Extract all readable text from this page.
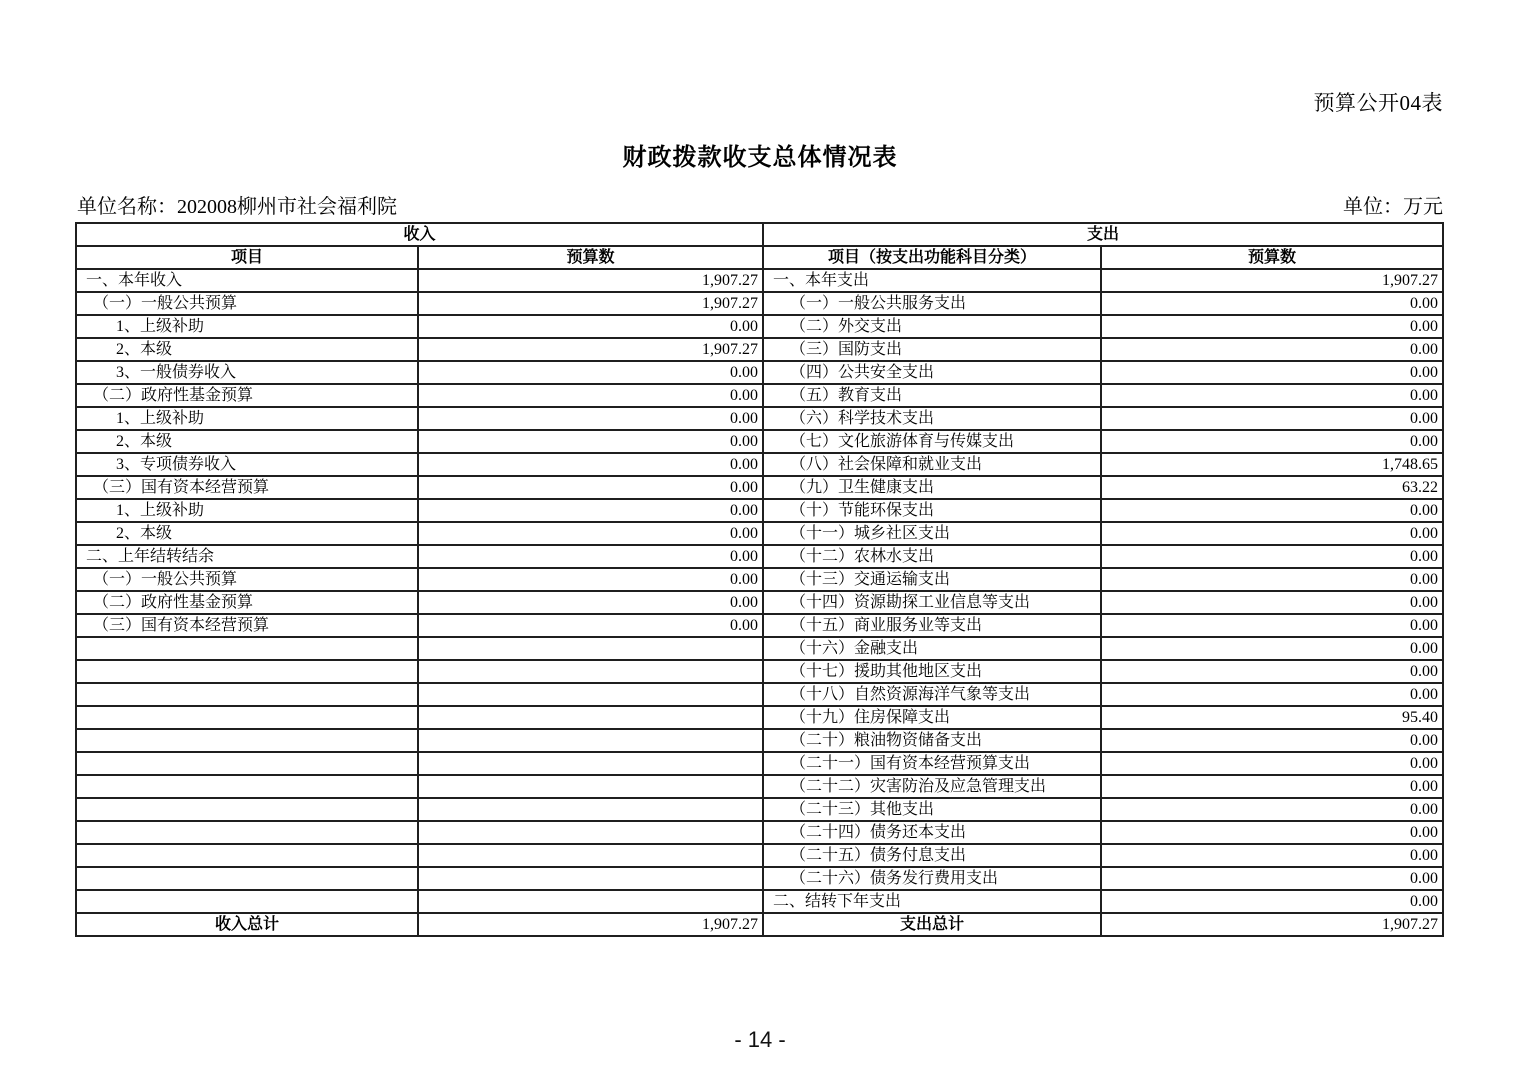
预算公开04表
财政拨款收支总体情况表
单位名称：202008柳州市社会福利院	单位：万元
收入		支出	
项目	预算数	项目（按支出功能科目分类）	预算数
一、本年收入	1,907.27	一、本年支出	1,907.27
（一）一般公共预算	1,907.27	（一）一般公共服务支出	0.00
1、上级补助	0.00	（二）外交支出	0.00
2、本级	1,907.27	（三）国防支出	0.00
3、一般债券收入	0.00	（四）公共安全支出	0.00
（二）政府性基金预算	0.00	（五）教育支出	0.00
1、上级补助	0.00	（六）科学技术支出	0.00
2、本级	0.00	（七）文化旅游体育与传媒支出	0.00
3、专项债券收入	0.00	（八）社会保障和就业支出	1,748.65
（三）国有资本经营预算	0.00	（九）卫生健康支出	63.22
1、上级补助	0.00	（十）节能环保支出	0.00
2、本级	0.00	（十一）城乡社区支出	0.00
二、上年结转结余	0.00	（十二）农林水支出	0.00
（一）一般公共预算	0.00	（十三）交通运输支出	0.00
（二）政府性基金预算	0.00	（十四）资源勘探工业信息等支出	0.00
（三）国有资本经营预算	0.00	（十五）商业服务业等支出	0.00
		（十六）金融支出	0.00
		（十七）援助其他地区支出	0.00
		（十八）自然资源海洋气象等支出	0.00
		（十九）住房保障支出	95.40
		（二十）粮油物资储备支出	0.00
		（二十一）国有资本经营预算支出	0.00
		（二十二）灾害防治及应急管理支出	0.00
		（二十三）其他支出	0.00
		（二十四）债务还本支出	0.00
		（二十五）债务付息支出	0.00
		（二十六）债务发行费用支出	0.00
		二、结转下年支出	0.00
收入总计	1,907.27	支出总计	1,907.27
- 14 -
